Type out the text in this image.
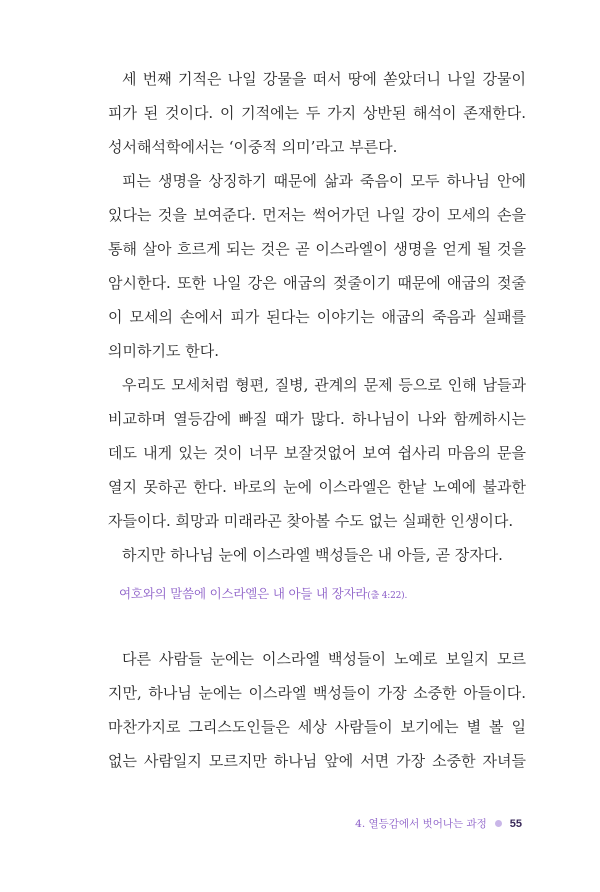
세 번째 기적은 나일 강물을 떠서 땅에 쏟았더니 나일 강물이
피가 된 것이다. 이 기적에는 두 가지 상반된 해석이 존재한다.
성서해석학에서는 ‘이중적 의미’라고 부른다.
피는 생명을 상징하기 때문에 삶과 죽음이 모두 하나님 안에
있다는 것을 보여준다. 먼저는 썩어가던 나일 강이 모세의 손을
통해 살아 흐르게 되는 것은 곧 이스라엘이 생명을 얻게 될 것을
암시한다. 또한 나일 강은 애굽의 젖줄이기 때문에 애굽의 젖줄
이 모세의 손에서 피가 된다는 이야기는 애굽의 죽음과 실패를
의미하기도 한다.
우리도 모세처럼 형편, 질병, 관계의 문제 등으로 인해 남들과
비교하며 열등감에 빠질 때가 많다. 하나님이 나와 함께하시는
데도 내게 있는 것이 너무 보잘것없어 보여 쉽사리 마음의 문을
열지 못하곤 한다. 바로의 눈에 이스라엘은 한낱 노예에 불과한
자들이다. 희망과 미래라곤 찾아볼 수도 없는 실패한 인생이다.
하지만 하나님 눈에 이스라엘 백성들은 내 아들, 곧 장자다.
여호와의 말씀에 이스라엘은 내 아들 내 장자라(출 4:22).
다른 사람들 눈에는 이스라엘 백성들이 노예로 보일지 모르
지만, 하나님 눈에는 이스라엘 백성들이 가장 소중한 아들이다.
마찬가지로 그리스도인들은 세상 사람들이 보기에는 별 볼 일
없는 사람일지 모르지만 하나님 앞에 서면 가장 소중한 자녀들
4. 열등감에서 벗어나는 과정 55
